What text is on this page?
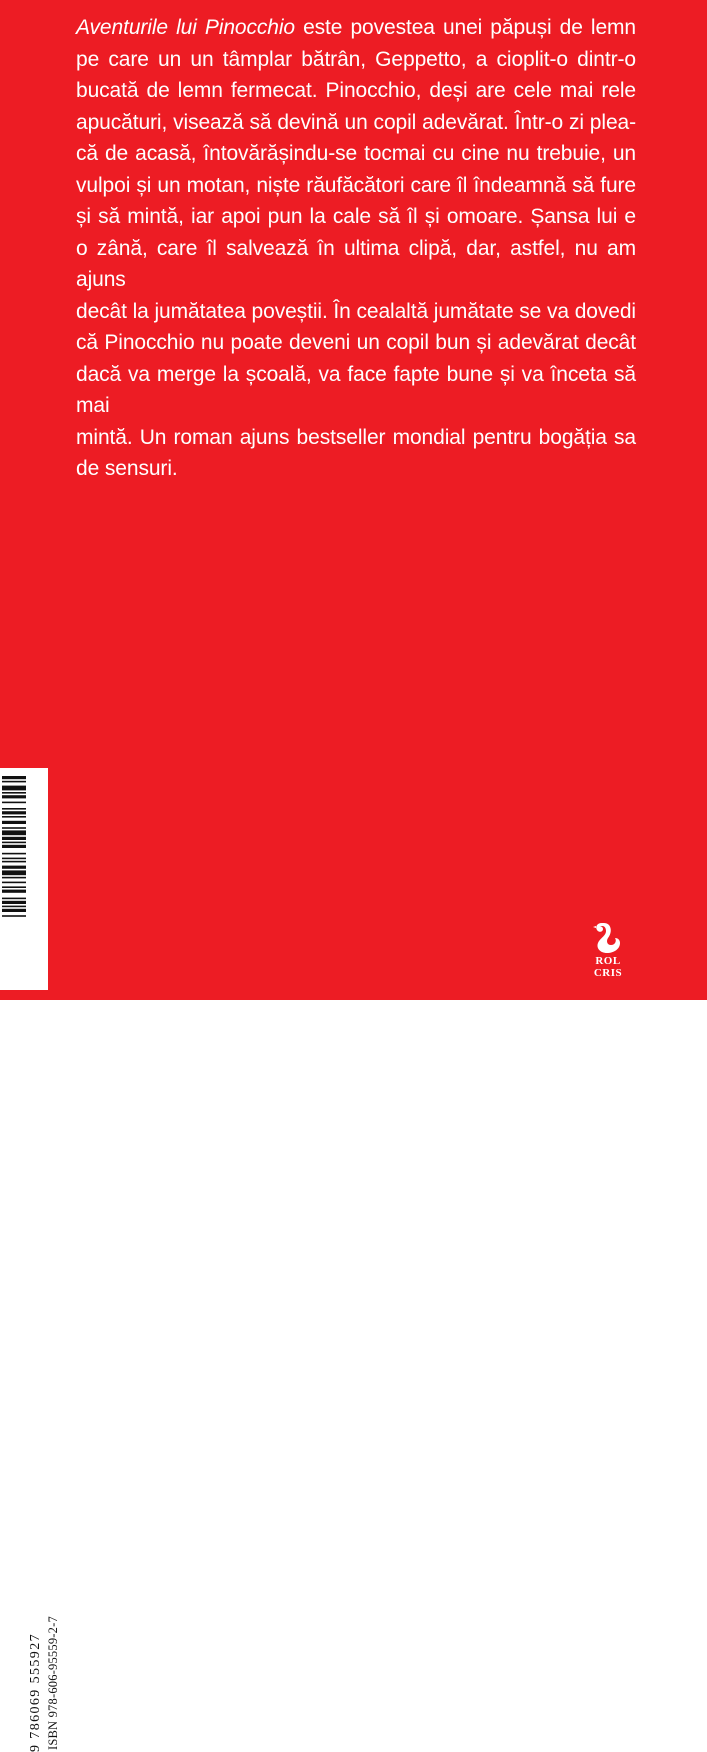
Aventurile lui Pinocchio este povestea unei păpuși de lemn
pe care un un tâmplar bătrân, Geppetto, a cioplit-o dintr-o
bucată de lemn fermecat. Pinocchio, deși are cele mai rele
apucături, visează să devină un copil adevărat. Într-o zi plea-
că de acasă, întovărășindu-se tocmai cu cine nu trebuie, un
vulpoi și un motan, niște răufăcători care îl îndeamnă să fure
și să mintă, iar apoi pun la cale să îl și omoare. Șansa lui e
o zână, care îl salvează în ultima clipă, dar, astfel, nu am ajuns
decât la jumătatea poveștii. În cealaltă jumătate se va dovedi
că Pinocchio nu poate deveni un copil bun și adevărat decât
dacă va merge la școală, va face fapte bune și va înceta să mai
mintă. Un roman ajuns bestseller mondial pentru bogăția sa
de sensuri.
9 786069 555927 ISBN 978-606-95559-2-7
ROL
CRIS
